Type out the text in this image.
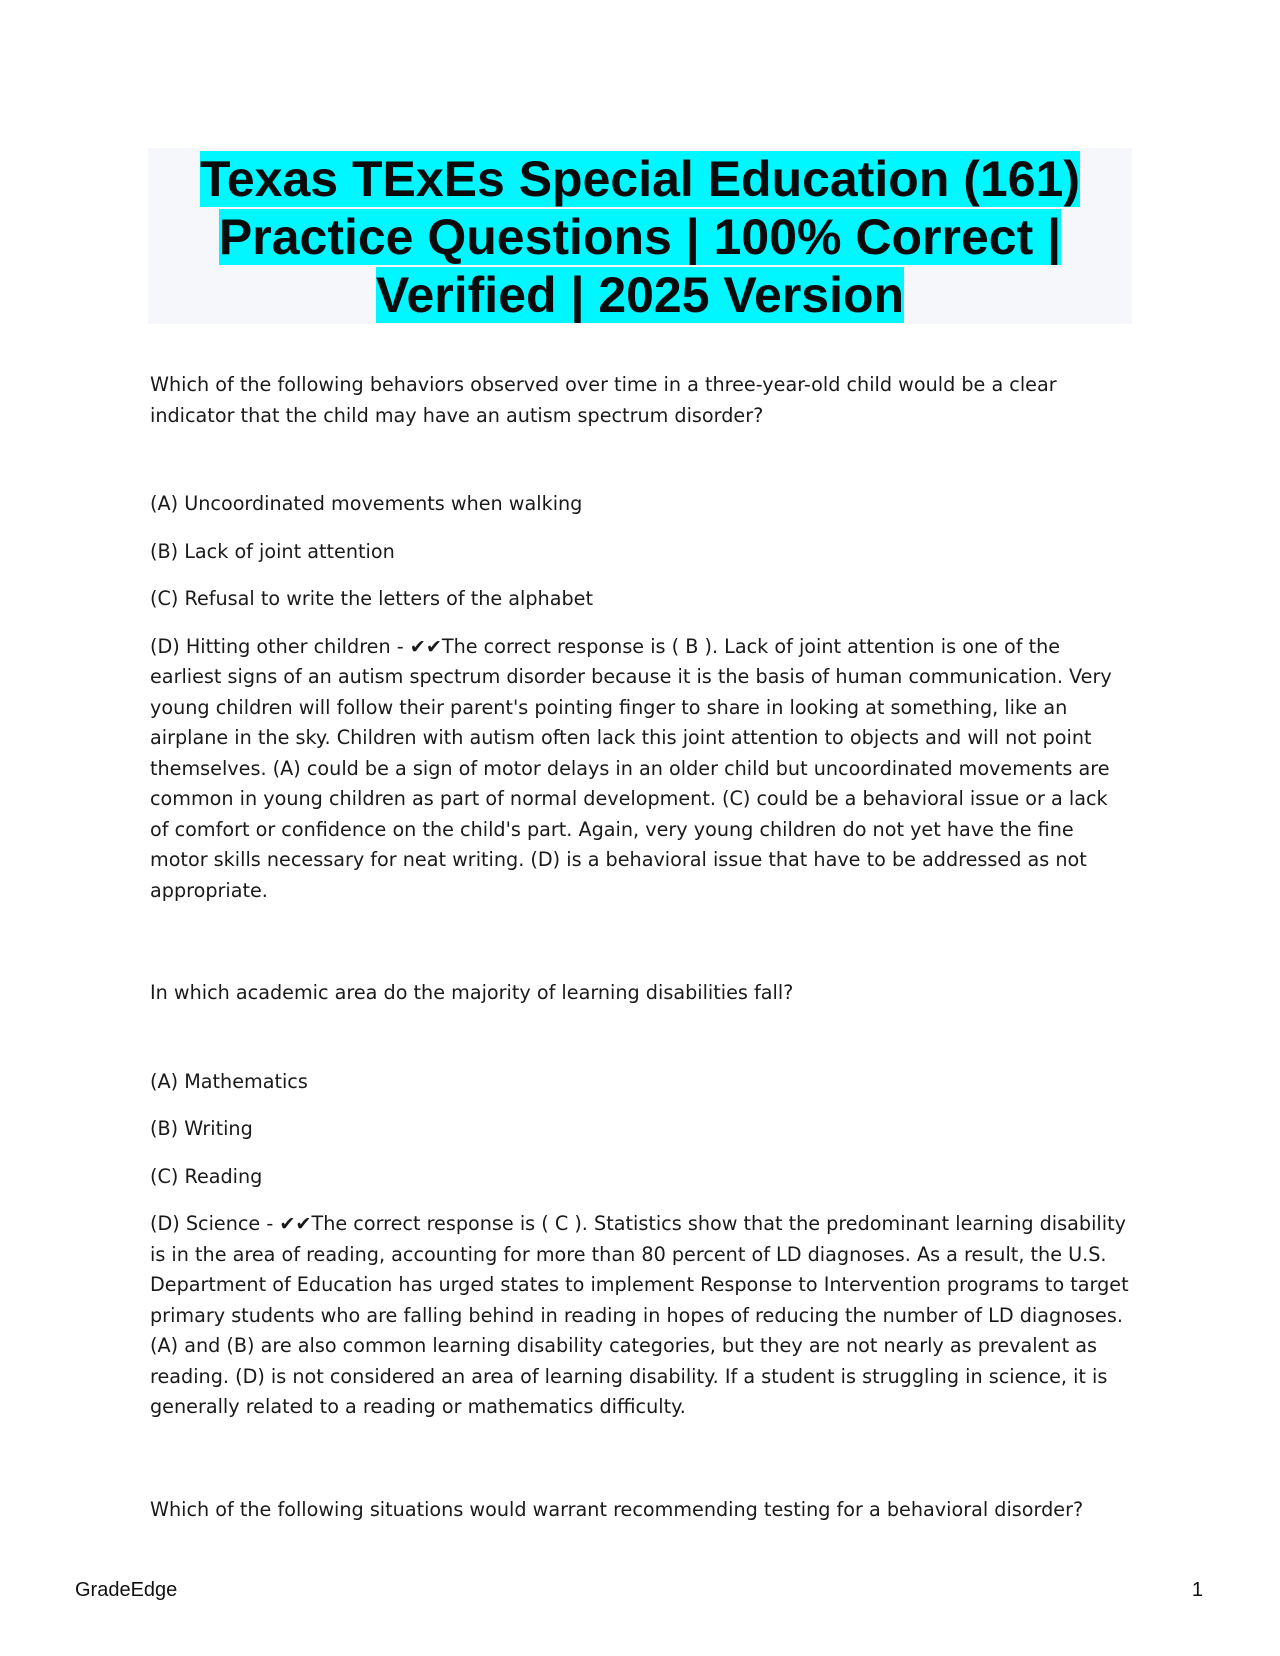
Texas TExEs Special Education (161)
Practice Questions | 100% Correct |
Verified | 2025 Version

Which of the following behaviors observed over time in a three-year-old child would be a clear indicator that the child may have an autism spectrum disorder?

(A) Uncoordinated movements when walking

(B) Lack of joint attention

(C) Refusal to write the letters of the alphabet

(D) Hitting other children - ✔✔The correct response is ( B ). Lack of joint attention is one of the earliest signs of an autism spectrum disorder because it is the basis of human communication. Very young children will follow their parent's pointing finger to share in looking at something, like an airplane in the sky. Children with autism often lack this joint attention to objects and will not point themselves. (A) could be a sign of motor delays in an older child but uncoordinated movements are common in young children as part of normal development. (C) could be a behavioral issue or a lack of comfort or confidence on the child's part. Again, very young children do not yet have the fine motor skills necessary for neat writing. (D) is a behavioral issue that have to be addressed as not appropriate.

In which academic area do the majority of learning disabilities fall?

(A) Mathematics

(B) Writing

(C) Reading

(D) Science - ✔✔The correct response is ( C ). Statistics show that the predominant learning disability is in the area of reading, accounting for more than 80 percent of LD diagnoses. As a result, the U.S. Department of Education has urged states to implement Response to Intervention programs to target primary students who are falling behind in reading in hopes of reducing the number of LD diagnoses. (A) and (B) are also common learning disability categories, but they are not nearly as prevalent as reading. (D) is not considered an area of learning disability. If a student is struggling in science, it is generally related to a reading or mathematics difficulty.

Which of the following situations would warrant recommending testing for a behavioral disorder?

GradeEdge	1
